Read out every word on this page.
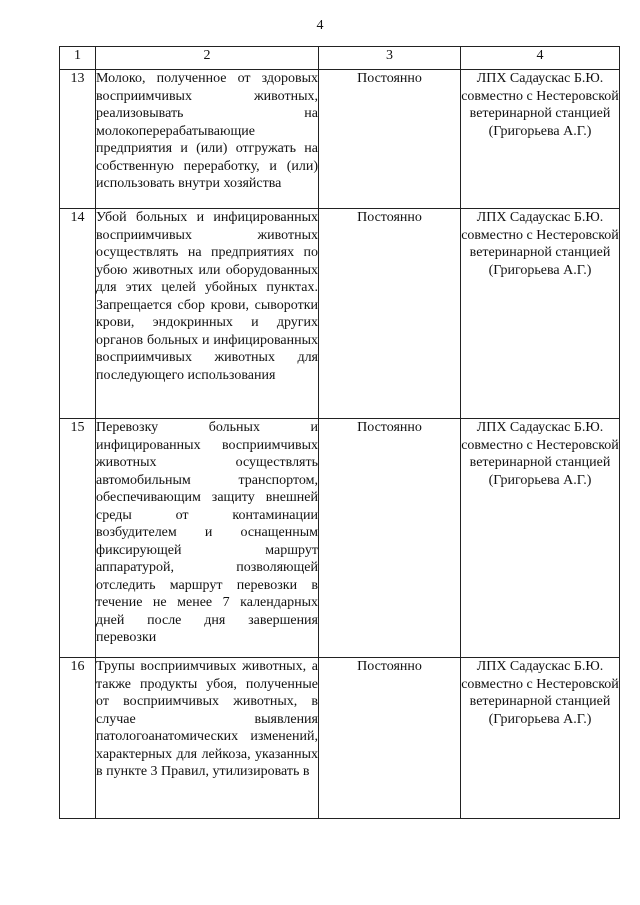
4
1	2	3	4
13	Молоко, полученное от здоровых восприимчивых животных, реализовывать на молокоперерабатывающие предприятия и (или) отгружать на собственную переработку, и (или) использовать внутри хозяйства	Постоянно	ЛПХ Садаускас Б.Ю. совместно с Нестеровской ветеринарной станцией (Григорьева А.Г.)
14	Убой больных и инфицированных восприимчивых животных осуществлять на предприятиях по убою животных или оборудованных для этих целей убойных пунктах. Запрещается сбор крови, сыворотки крови, эндокринных и других органов больных и инфицированных восприимчивых животных для последующего использования	Постоянно	ЛПХ Садаускас Б.Ю. совместно с Нестеровской ветеринарной станцией (Григорьева А.Г.)
15	Перевозку больных и инфицированных восприимчивых животных осуществлять автомобильным транспортом, обеспечивающим защиту внешней среды от контаминации возбудителем и оснащенным фиксирующей маршрут аппаратурой, позволяющей отследить маршрут перевозки в течение не менее 7 календарных дней после дня завершения перевозки	Постоянно	ЛПХ Садаускас Б.Ю. совместно с Нестеровской ветеринарной станцией (Григорьева А.Г.)
16	Трупы восприимчивых животных, а также продукты убоя, полученные от восприимчивых животных, в случае выявления патологоанатомических изменений, характерных для лейкоза, указанных в пункте 3 Правил, утилизировать в	Постоянно	ЛПХ Садаускас Б.Ю. совместно с Нестеровской ветеринарной станцией (Григорьева А.Г.)
